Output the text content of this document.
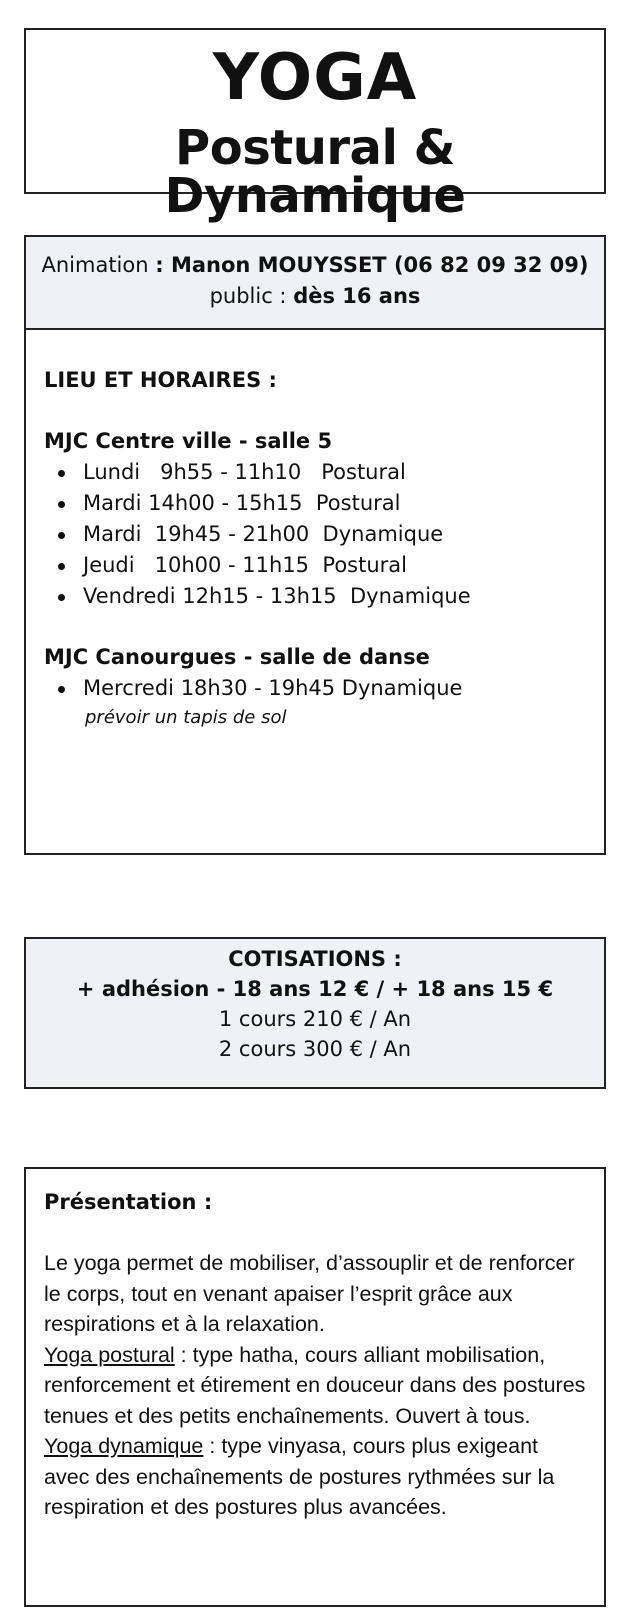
YOGA
Postural & Dynamique
Animation : Manon MOUYSSET (06 82 09 32 09)
public : dès 16 ans
LIEU ET HORAIRES :
MJC Centre ville - salle 5
Lundi   9h55 - 11h10   Postural
Mardi 14h00 - 15h15  Postural
Mardi  19h45 - 21h00  Dynamique
Jeudi   10h00 - 11h15  Postural
Vendredi 12h15 - 13h15  Dynamique
MJC Canourgues - salle de danse
Mercredi 18h30 - 19h45 Dynamique
prévoir un tapis de sol
COTISATIONS :
+ adhésion - 18 ans 12 € / + 18 ans 15 €
1 cours 210 € / An
2 cours 300 € / An
Présentation :

Le yoga permet de mobiliser, d’assouplir et de renforcer le corps, tout en venant apaiser l’esprit grâce aux respirations et à la relaxation.

Yoga postural : type hatha, cours alliant mobilisation, renforcement et étirement en douceur dans des postures tenues et des petits enchaînements. Ouvert à tous.

Yoga dynamique : type vinyasa, cours plus exigeant avec des enchaînements de postures rythmées sur la respiration et des postures plus avancées.
